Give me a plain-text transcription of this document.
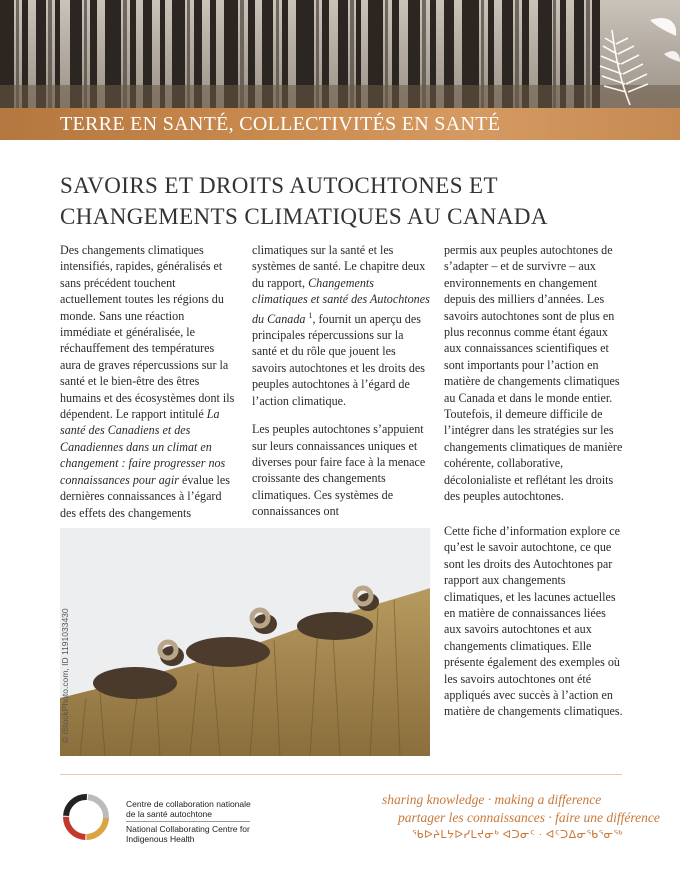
TERRE EN SANTÉ, COLLECTIVITÉS EN SANTÉ
SAVOIRS ET DROITS AUTOCHTONES ET
CHANGEMENTS CLIMATIQUES AU CANADA

Des changements climatiques intensifiés, rapides, généralisés et sans précédent touchent actuellement toutes les régions du monde. Sans une réaction immédiate et généralisée, le réchauffement des températures aura de graves répercussions sur la santé et le bien-être des êtres humains et des écosystèmes dont ils dépendent. Le rapport intitulé La santé des Canadiens et des Canadiennes dans un climat en changement : faire progresser nos connaissances pour agir évalue les dernières connaissances à l’égard des effets des changements

climatiques sur la santé et les systèmes de santé. Le chapitre deux du rapport, Changements climatiques et santé des Autochtones du Canada $^1$, fournit un aperçu des principales répercussions sur la santé et du rôle que jouent les savoirs autochtones et les droits des peuples autochtones à l’égard de l’action climatique.

Les peuples autochtones s’appuient sur leurs connaissances uniques et diverses pour faire face à la menace croissante des changements climatiques. Ces systèmes de connaissances ont

permis aux peuples autochtones de s’adapter – et de survivre – aux environnements en changement depuis des milliers d’années. Les savoirs autochtones sont de plus en plus reconnus comme étant égaux aux connaissances scientifiques et sont importants pour l’action en matière de changements climatiques au Canada et dans le monde entier. Toutefois, il demeure difficile de l’intégrer dans les stratégies sur les changements climatiques de manière cohérente, collaborative, décolonialiste et reflétant les droits des peuples autochtones.

Cette fiche d’information explore ce qu’est le savoir autochtone, ce que sont les droits des Autochtones par rapport aux changements climatiques, et les lacunes actuelles en matière de connaissances liées aux savoirs autochtones et aux changements climatiques. Elle présente également des exemples où les savoirs autochtones ont été appliqués avec succès à l’action en matière de changements climatiques.

© iStockPhoto.com, ID 1191033430
Centre de collaboration nationale
de la santé autochtone
National Collaborating Centre for
Indigenous Health
sharing knowledge · making a difference
partager les connaissances · faire une différence
ᖃᐅᔨᒪᔭᐅᓯᒪᔪᓂᒃ ᐊᑐᓂᑦ · ᐊᑦᑐᐃᓂᖃᕐᓂᖅ
